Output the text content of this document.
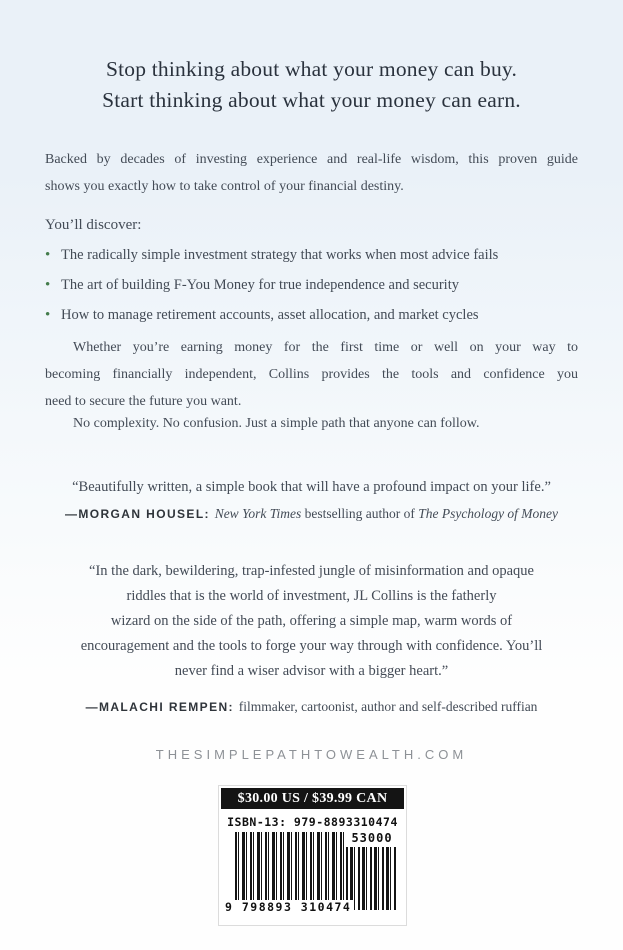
Stop thinking about what your money can buy.
Start thinking about what your money can earn.
Backed by decades of investing experience and real-life wisdom, this proven guide
shows you exactly how to take control of your financial destiny.
You’ll discover:
•
The radically simple investment strategy that works when most advice fails
•
The art of building F-You Money for true independence and security
•
How to manage retirement accounts, asset allocation, and market cycles
Whether you’re earning money for the first time or well on your way to
becoming financially independent, Collins provides the tools and confidence you
need to secure the future you want.
No complexity. No confusion. Just a simple path that anyone can follow.
“Beautifully written, a simple book that will have a profound impact on your life.”
—MORGAN HOUSEL: New York Times bestselling author of The Psychology of Money
“In the dark, bewildering, trap-infested jungle of misinformation and opaque
riddles that is the world of investment, JL Collins is the fatherly
wizard on the side of the path, offering a simple map, warm words of
encouragement and the tools to forge your way through with confidence. You’ll
never find a wiser advisor with a bigger heart.”
—MALACHI REMPEN: filmmaker, cartoonist, author and self-described ruffian
THESIMPLEPATHTOWEALTH.COM
$30.00 US / $39.99 CAN
ISBN-13: 979-8893310474
53000
9 798893 310474
